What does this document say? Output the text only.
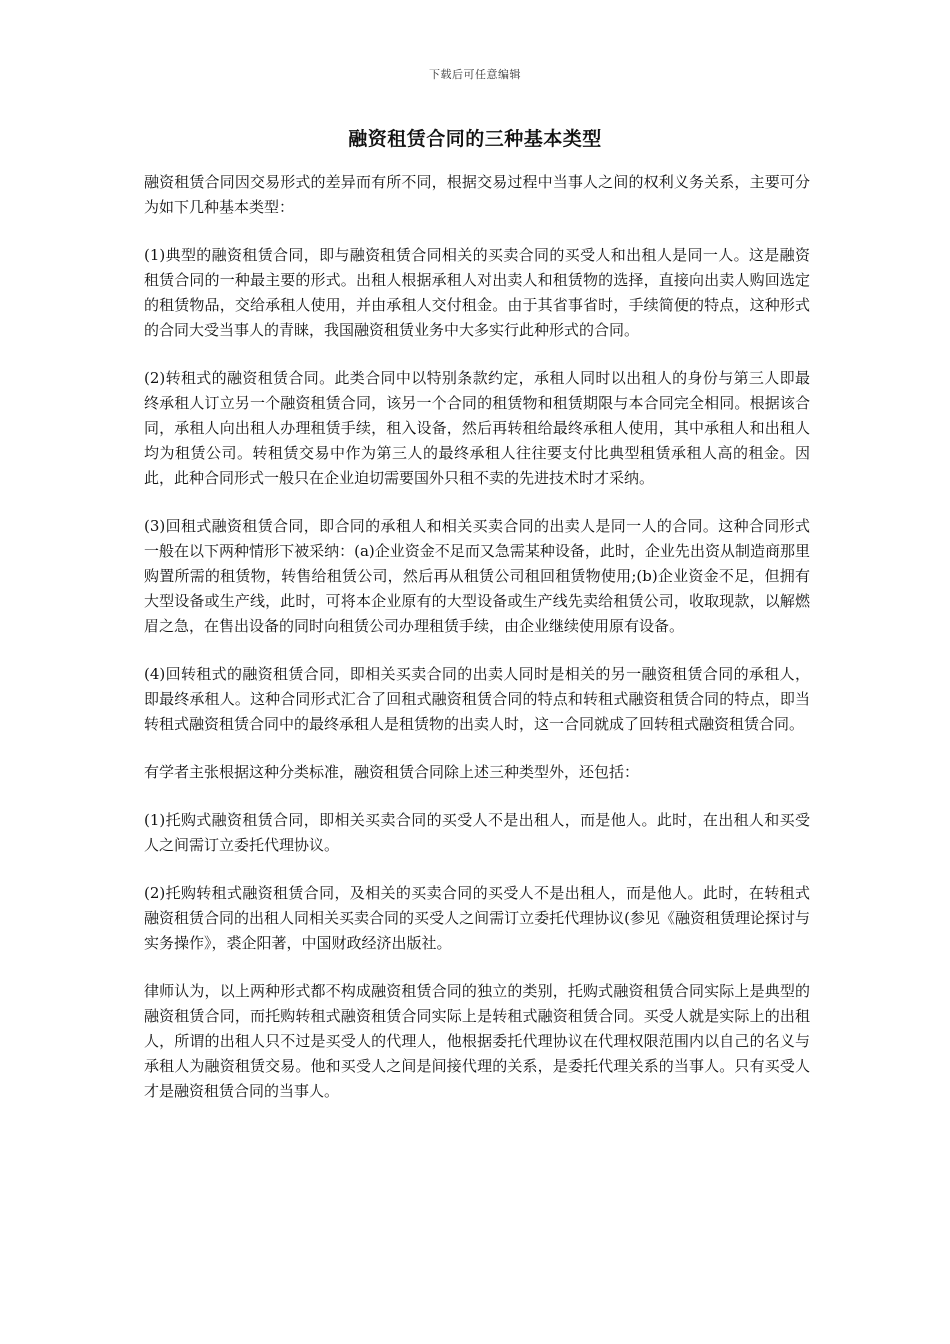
下载后可任意编辑
融资租赁合同的三种基本类型

融资租赁合同因交易形式的差异而有所不同，根据交易过程中当事人之间的权利义务关系，主要可分为如下几种基本类型：

(1)典型的融资租赁合同，即与融资租赁合同相关的买卖合同的买受人和出租人是同一人。这是融资租赁合同的一种最主要的形式。出租人根据承租人对出卖人和租赁物的选择，直接向出卖人购回选定的租赁物品，交给承租人使用，并由承租人交付租金。由于其省事省时，手续简便的特点，这种形式的合同大受当事人的青睐，我国融资租赁业务中大多实行此种形式的合同。

(2)转租式的融资租赁合同。此类合同中以特别条款约定，承租人同时以出租人的身份与第三人即最终承租人订立另一个融资租赁合同，该另一个合同的租赁物和租赁期限与本合同完全相同。根据该合同，承租人向出租人办理租赁手续，租入设备，然后再转租给最终承租人使用，其中承租人和出租人均为租赁公司。转租赁交易中作为第三人的最终承租人往往要支付比典型租赁承租人高的租金。因此，此种合同形式一般只在企业迫切需要国外只租不卖的先进技术时才采纳。

(3)回租式融资租赁合同，即合同的承租人和相关买卖合同的出卖人是同一人的合同。这种合同形式一般在以下两种情形下被采纳：(a)企业资金不足而又急需某种设备，此时，企业先出资从制造商那里购置所需的租赁物，转售给租赁公司，然后再从租赁公司租回租赁物使用;(b)企业资金不足，但拥有大型设备或生产线，此时，可将本企业原有的大型设备或生产线先卖给租赁公司，收取现款，以解燃眉之急，在售出设备的同时向租赁公司办理租赁手续，由企业继续使用原有设备。

(4)回转租式的融资租赁合同，即相关买卖合同的出卖人同时是相关的另一融资租赁合同的承租人，即最终承租人。这种合同形式汇合了回租式融资租赁合同的特点和转租式融资租赁合同的特点，即当转租式融资租赁合同中的最终承租人是租赁物的出卖人时，这一合同就成了回转租式融资租赁合同。

有学者主张根据这种分类标准，融资租赁合同除上述三种类型外，还包括：

(1)托购式融资租赁合同，即相关买卖合同的买受人不是出租人，而是他人。此时，在出租人和买受人之间需订立委托代理协议。

(2)托购转租式融资租赁合同，及相关的买卖合同的买受人不是出租人，而是他人。此时，在转租式融资租赁合同的出租人同相关买卖合同的买受人之间需订立委托代理协议(参见《融资租赁理论探讨与实务操作》，裘企阳著，中国财政经济出版社。

律师认为，以上两种形式都不构成融资租赁合同的独立的类别，托购式融资租赁合同实际上是典型的融资租赁合同，而托购转租式融资租赁合同实际上是转租式融资租赁合同。买受人就是实际上的出租人，所谓的出租人只不过是买受人的代理人，他根据委托代理协议在代理权限范围内以自己的名义与承租人为融资租赁交易。他和买受人之间是间接代理的关系，是委托代理关系的当事人。只有买受人才是融资租赁合同的当事人。
